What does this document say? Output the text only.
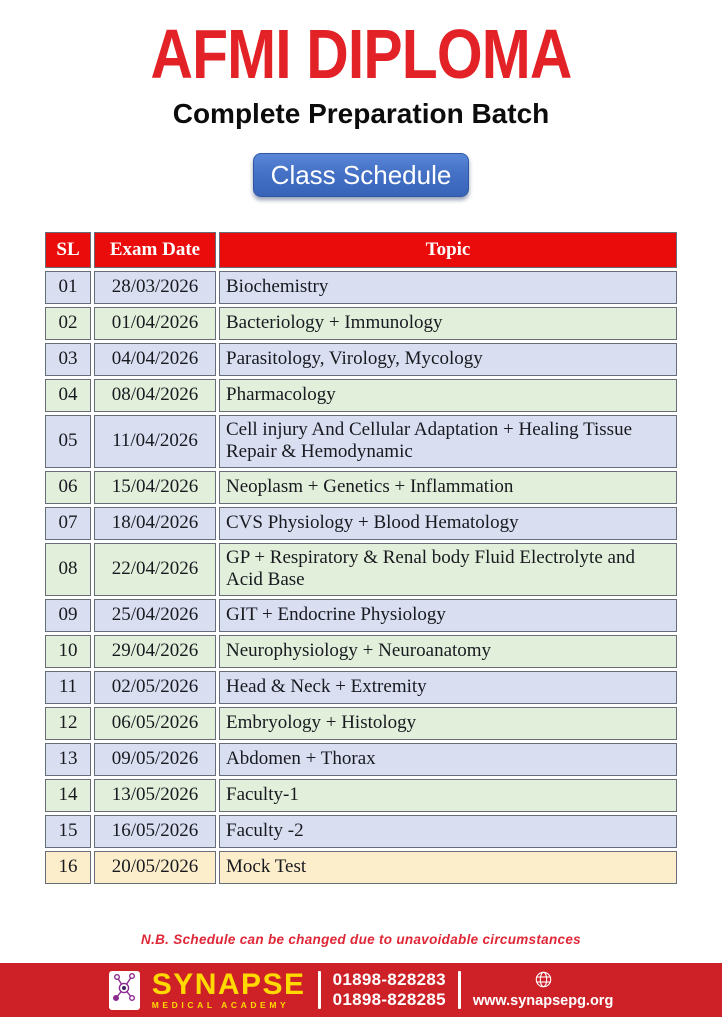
AFMI DIPLOMA
Complete Preparation Batch
Class Schedule
SL	Exam Date	Topic
01	28/03/2026	Biochemistry
02	01/04/2026	Bacteriology + Immunology
03	04/04/2026	Parasitology, Virology, Mycology
04	08/04/2026	Pharmacology
05	11/04/2026	Cell injury And Cellular Adaptation + Healing Tissue Repair & Hemodynamic
06	15/04/2026	Neoplasm + Genetics + Inflammation
07	18/04/2026	CVS Physiology + Blood Hematology
08	22/04/2026	GP + Respiratory & Renal body Fluid Electrolyte and Acid Base
09	25/04/2026	GIT + Endocrine Physiology
10	29/04/2026	Neurophysiology + Neuroanatomy
11	02/05/2026	Head & Neck + Extremity
12	06/05/2026	Embryology + Histology
13	09/05/2026	Abdomen + Thorax
14	13/05/2026	Faculty-1
15	16/05/2026	Faculty -2
16	20/05/2026	Mock Test
N.B. Schedule can be changed due to unavoidable circumstances
SYNAPSE
MEDICAL ACADEMY
01898-828283
01898-828285 www.synapsepg.org
